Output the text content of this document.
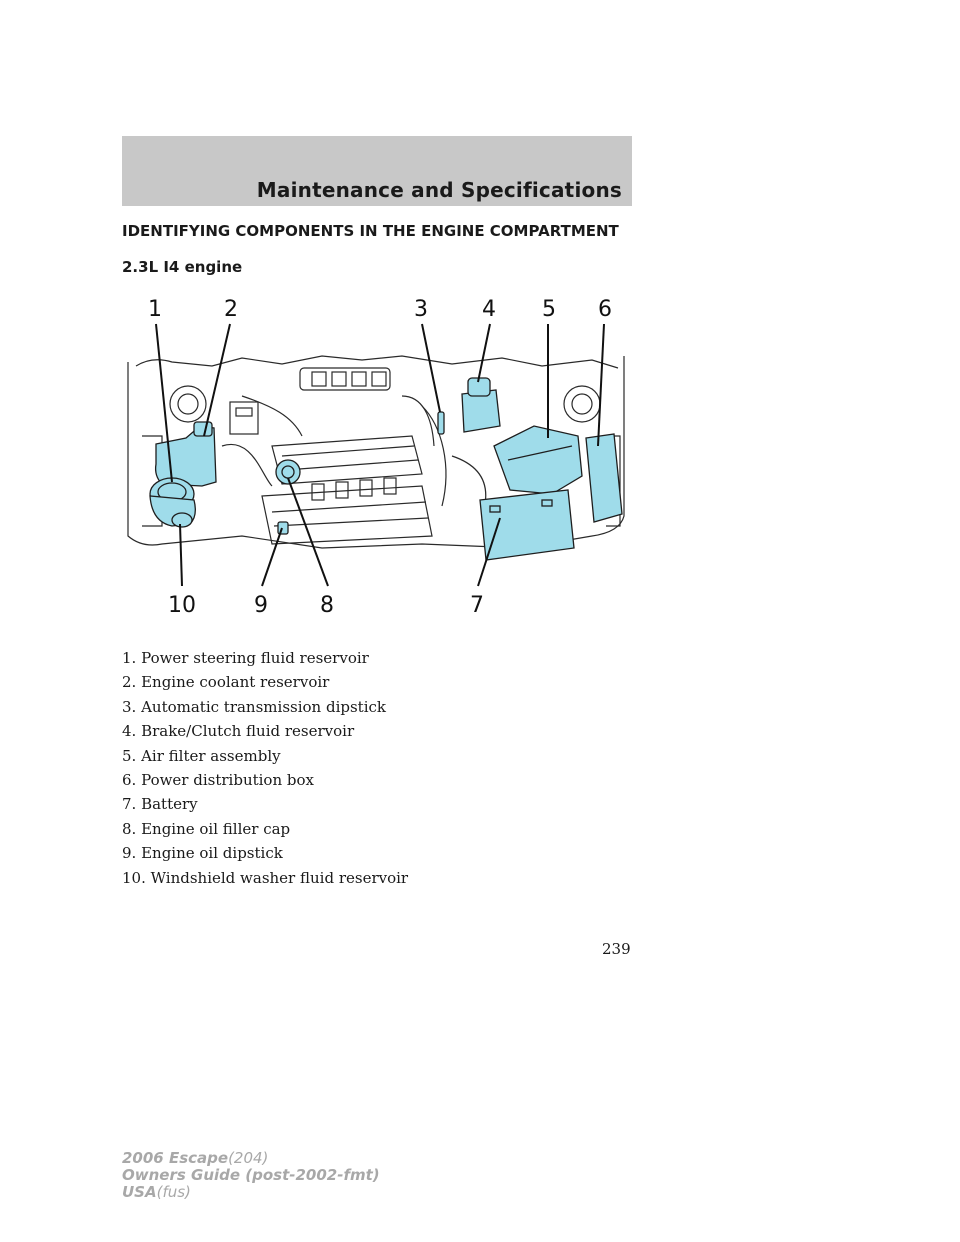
Maintenance and Specifications
IDENTIFYING COMPONENTS IN THE ENGINE COMPARTMENT
2.3L I4 engine
1	2	3 4 5 6
7
8
9
10
1. Power steering fluid reservoir
2. Engine coolant reservoir
3. Automatic transmission dipstick
4. Brake/Clutch fluid reservoir
5. Air filter assembly
6. Power distribution box
7. Battery
8. Engine oil filler cap
9. Engine oil dipstick
10. Windshield washer fluid reservoir
239
2006 Escape(204)
Owners Guide (post-2002-fmt)
USA(fus)
